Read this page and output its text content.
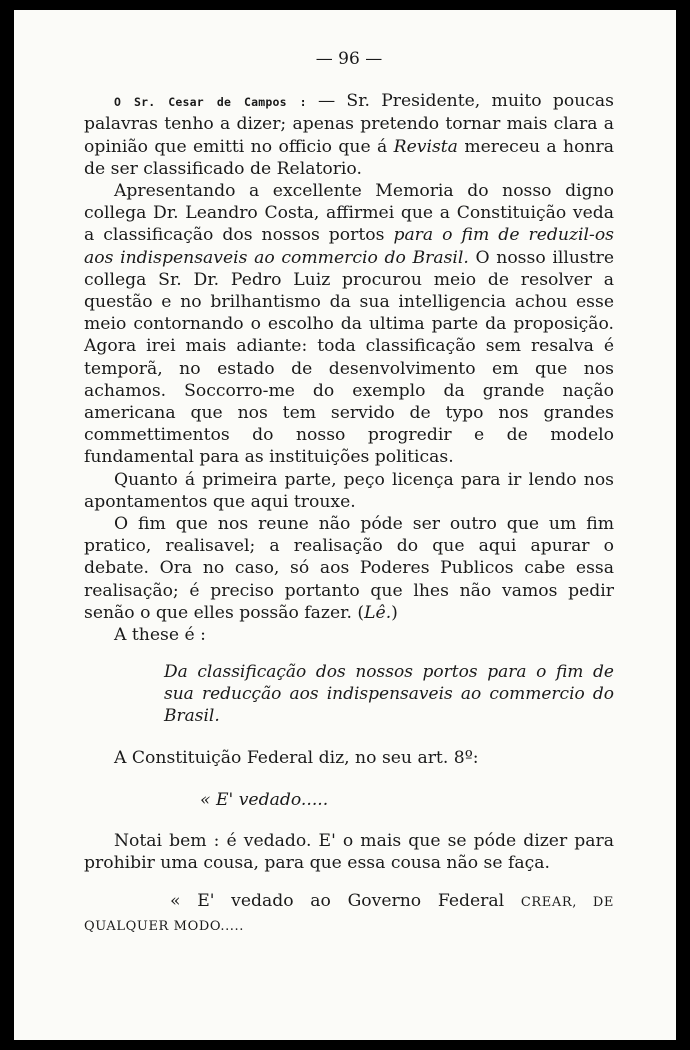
— 96 —

O Sr. Cesar de Campos : — Sr. Presidente, muito poucas palavras tenho a dizer; apenas pretendo tornar mais clara a opinião que emitti no officio que á Revista mereceu a honra de ser classificado de Relatorio.

Apresentando a excellente Memoria do nosso digno collega Dr. Leandro Costa, affirmei que a Constituição veda a classificação dos nossos portos para o fim de reduzil-os aos indispensaveis ao commercio do Brasil. O nosso illustre collega Sr. Dr. Pedro Luiz procurou meio de resolver a questão e no brilhantismo da sua intelligencia achou esse meio contornando o escolho da ultima parte da proposição. Agora irei mais adiante: toda classificação sem resalva é temporã, no estado de desenvolvimento em que nos achamos. Soccorro-me do exemplo da grande nação americana que nos tem servido de typo nos grandes commettimentos do nosso progredir e de modelo fundamental para as instituições politicas.

Quanto á primeira parte, peço licença para ir lendo nos apontamentos que aqui trouxe.

O fim que nos reune não póde ser outro que um fim pratico, realisavel; a realisação do que aqui apurar o debate. Ora no caso, só aos Poderes Publicos cabe essa realisação; é preciso portanto que lhes não vamos pedir senão o que elles possão fazer. (Lê.)

A these é :

Da classificação dos nossos portos para o fim de sua reducção aos indispensaveis ao commercio do Brasil.

A Constituição Federal diz, no seu art. 8º:

« E' vedado.....

Notai bem : é vedado. E' o mais que se póde dizer para prohibir uma cousa, para que essa cousa não se faça.

« E' vedado ao Governo Federal CREAR, DE QUALQUER MODO.....
